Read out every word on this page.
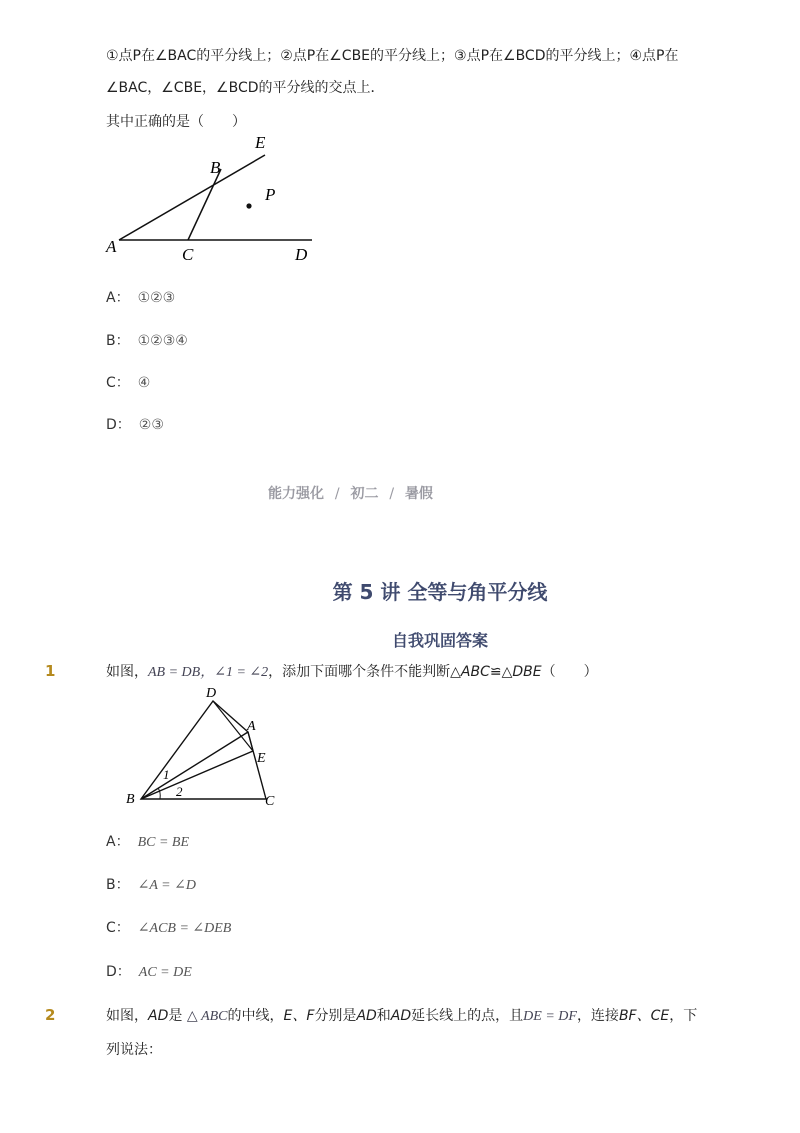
①点P在∠BAC的平分线上；②点P在∠CBE的平分线上；③点P在∠BCD的平分线上；④点P在
∠BAC，∠CBE，∠BCD的平分线的交点上．
其中正确的是（　　）
A
B
C	D
E
P
A： ①②③
B： ①②③④
C： ④
D： ②③
能力强化 / 初二 / 暑假
第 5 讲 全等与角平分线
自我巩固答案
1	如图，AB = DB，∠1 = ∠2，添加下面哪个条件不能判断△ABC≌△DBE（　　）
D
A
E
B	C
1
2
A： BC = BE
B： ∠A = ∠D
C： ∠ACB = ∠DEB
D： AC = DE
2	如图，AD是 △ ABC的中线，E、F分别是AD和AD延长线上的点，且DE = DF，连接BF、CE，下
列说法：
